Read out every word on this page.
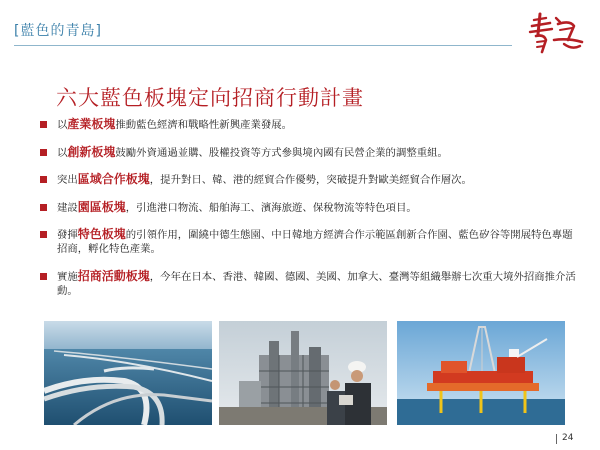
[藍色的青島]
六大藍色板塊定向招商行動計畫
以產業板塊推動藍色經濟和戰略性新興產業發展。
以創新板塊鼓勵外資通過並購、股權投資等方式參與境內國有民營企業的調整重組。
突出區域合作板塊，提升對日、韓、港的經貿合作優勢，突破提升對歐美經貿合作層次。
建設園區板塊，引進港口物流、船舶海工、濱海旅遊、保稅物流等特色項目。
發揮特色板塊的引領作用，圍繞中德生態園、中日韓地方經濟合作示範區創新合作園、藍色矽谷等開展特色專題招商，孵化特色產業。
實施招商活動板塊，今年在日本、香港、韓國、德國、美國、加拿大、臺灣等組織舉辦七次重大境外招商推介活動。
24
